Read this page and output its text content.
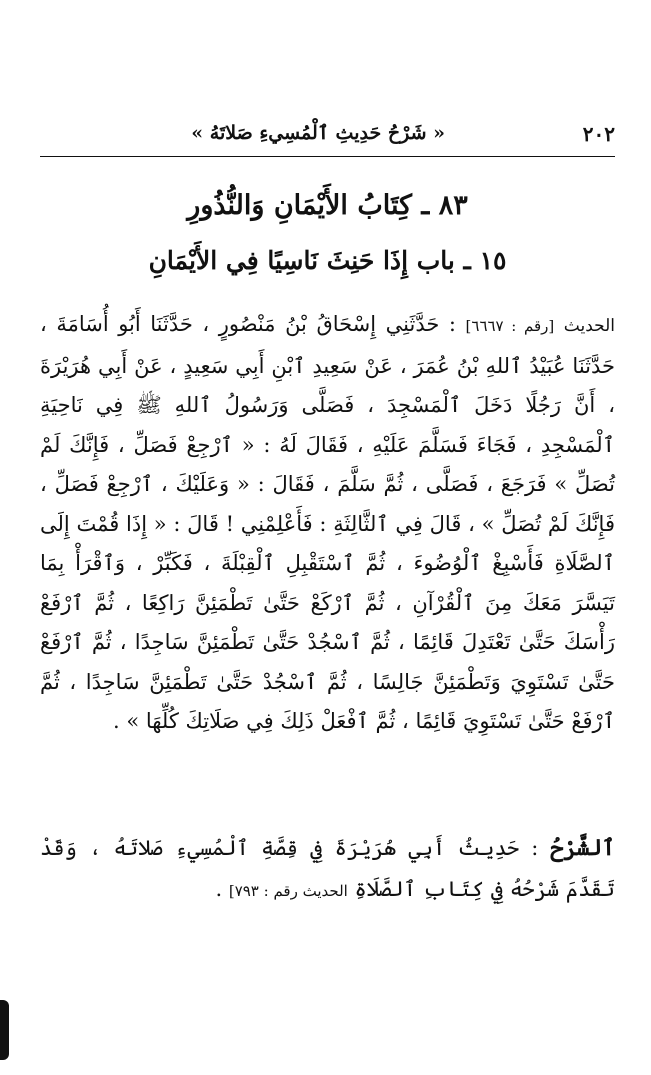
٢٠٢
« شَرْحُ حَدِيثِ ٱلْمُسِيءِ صَلاتَهُ »
٨٣ ـ كِتَابُ الأَيْمَانِ وَالنُّذُورِ
١٥ ـ باب إِذَا حَنِثَ نَاسِيًا فِي الأَيْمَانِ

الحديث [رقم : ٦٦٦٧] : حَدَّثَنِي إِسْحَاقُ بْنُ مَنْصُورٍ ، حَدَّثَنَا أَبُو أُسَامَةَ ، حَدَّثَنَا عُبَيْدُ ٱللهِ بْنُ عُمَرَ ، عَنْ سَعِيدِ ٱبْنِ أَبِي سَعِيدٍ ، عَنْ أَبِي هُرَيْرَةَ ، أَنَّ رَجُلًا دَخَلَ ٱلْمَسْجِدَ ، فَصَلَّى وَرَسُولُ ٱللهِ ﷺ فِي نَاحِيَةِ ٱلْمَسْجِدِ ، فَجَاءَ فَسَلَّمَ عَلَيْهِ ، فَقَالَ لَهُ : « ٱرْجِعْ فَصَلِّ ، فَإِنَّكَ لَمْ تُصَلِّ » فَرَجَعَ ، فَصَلَّى ، ثُمَّ سَلَّمَ ، فَقَالَ : « وَعَلَيْكَ ، ٱرْجِعْ فَصَلِّ ، فَإِنَّكَ لَمْ تُصَلِّ » ، قَالَ فِي ٱلثَّالِثَةِ : فَأَعْلِمْنِي ! قَالَ : « إِذَا قُمْتَ إِلَى ٱلصَّلَاةِ فَأَسْبِغْ ٱلْوُضُوءَ ، ثُمَّ ٱسْتَقْبِلِ ٱلْقِبْلَةَ ، فَكَبِّرْ ، وَٱقْرَأْ بِمَا تَيَسَّرَ مَعَكَ مِنَ ٱلْقُرْآنِ ، ثُمَّ ٱرْكَعْ حَتَّىٰ تَطْمَئِنَّ رَاكِعًا ، ثُمَّ ٱرْفَعْ رَأْسَكَ حَتَّىٰ تَعْتَدِلَ قَائِمًا ، ثُمَّ ٱسْجُدْ حَتَّىٰ تَطْمَئِنَّ سَاجِدًا ، ثُمَّ ٱرْفَعْ حَتَّىٰ تَسْتَوِيَ وَتَطْمَئِنَّ جَالِسًا ، ثُمَّ ٱسْجُدْ حَتَّىٰ تَطْمَئِنَّ سَاجِدًا ، ثُمَّ ٱرْفَعْ حَتَّىٰ تَسْتَوِيَ قَائِمًا ، ثُمَّ ٱفْعَلْ ذَلِكَ فِي صَلَاتِكَ كُلِّهَا » .

ٱلشَّرْحُ : حَدِيثُ أَبِي هُرَيْرَةَ فِي قِصَّةِ ٱلْمُسِيءِ صَلاتَهُ ، وَقَدْ تَقَدَّمَ شَرْحُهُ فِي كِتَابِ ٱلصَّلَاةِ الحديث رقم : ٧٩٣] .
